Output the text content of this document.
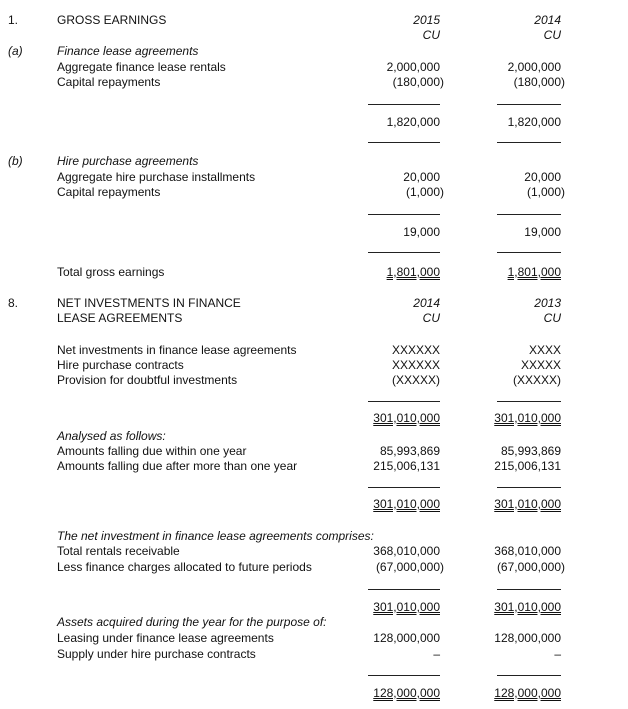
1.	GROSS EARNINGS	2015	2014
CU	CU
(a)	Finance lease agreements
Aggregate finance lease rentals	2,000,000	2,000,000
Capital repayments	(180,000)	(180,000)
1,820,000	1,820,000
(b)	Hire purchase agreements
Aggregate hire purchase installments	20,000	20,000
Capital repayments	(1,000)	(1,000)
19,000	19,000
Total gross earnings	1,801,000	1,801,000
8.	NET INVESTMENTS IN FINANCE
LEASE AGREEMENTS
2014	2013
CU	CU
Net investments in finance lease agreements	XXXXXX	XXXX
Hire purchase contracts	XXXXXX	XXXXX
Provision for doubtful investments	(XXXXX)	(XXXXX)
301,010,000	301,010,000
Analysed as follows:
Amounts falling due within one year	85,993,869	85,993,869
Amounts falling due after more than one year	215,006,131	215,006,131
301,010,000	301,010,000
The net investment in finance lease agreements comprises:
Total rentals receivable	368,010,000	368,010,000
Less finance charges allocated to future periods	(67,000,000)	(67,000,000)
301,010,000	301,010,000
Assets acquired during the year for the purpose of:
Leasing under finance lease agreements	128,000,000	128,000,000
Supply under hire purchase contracts	–	–
128,000,000	128,000,000
